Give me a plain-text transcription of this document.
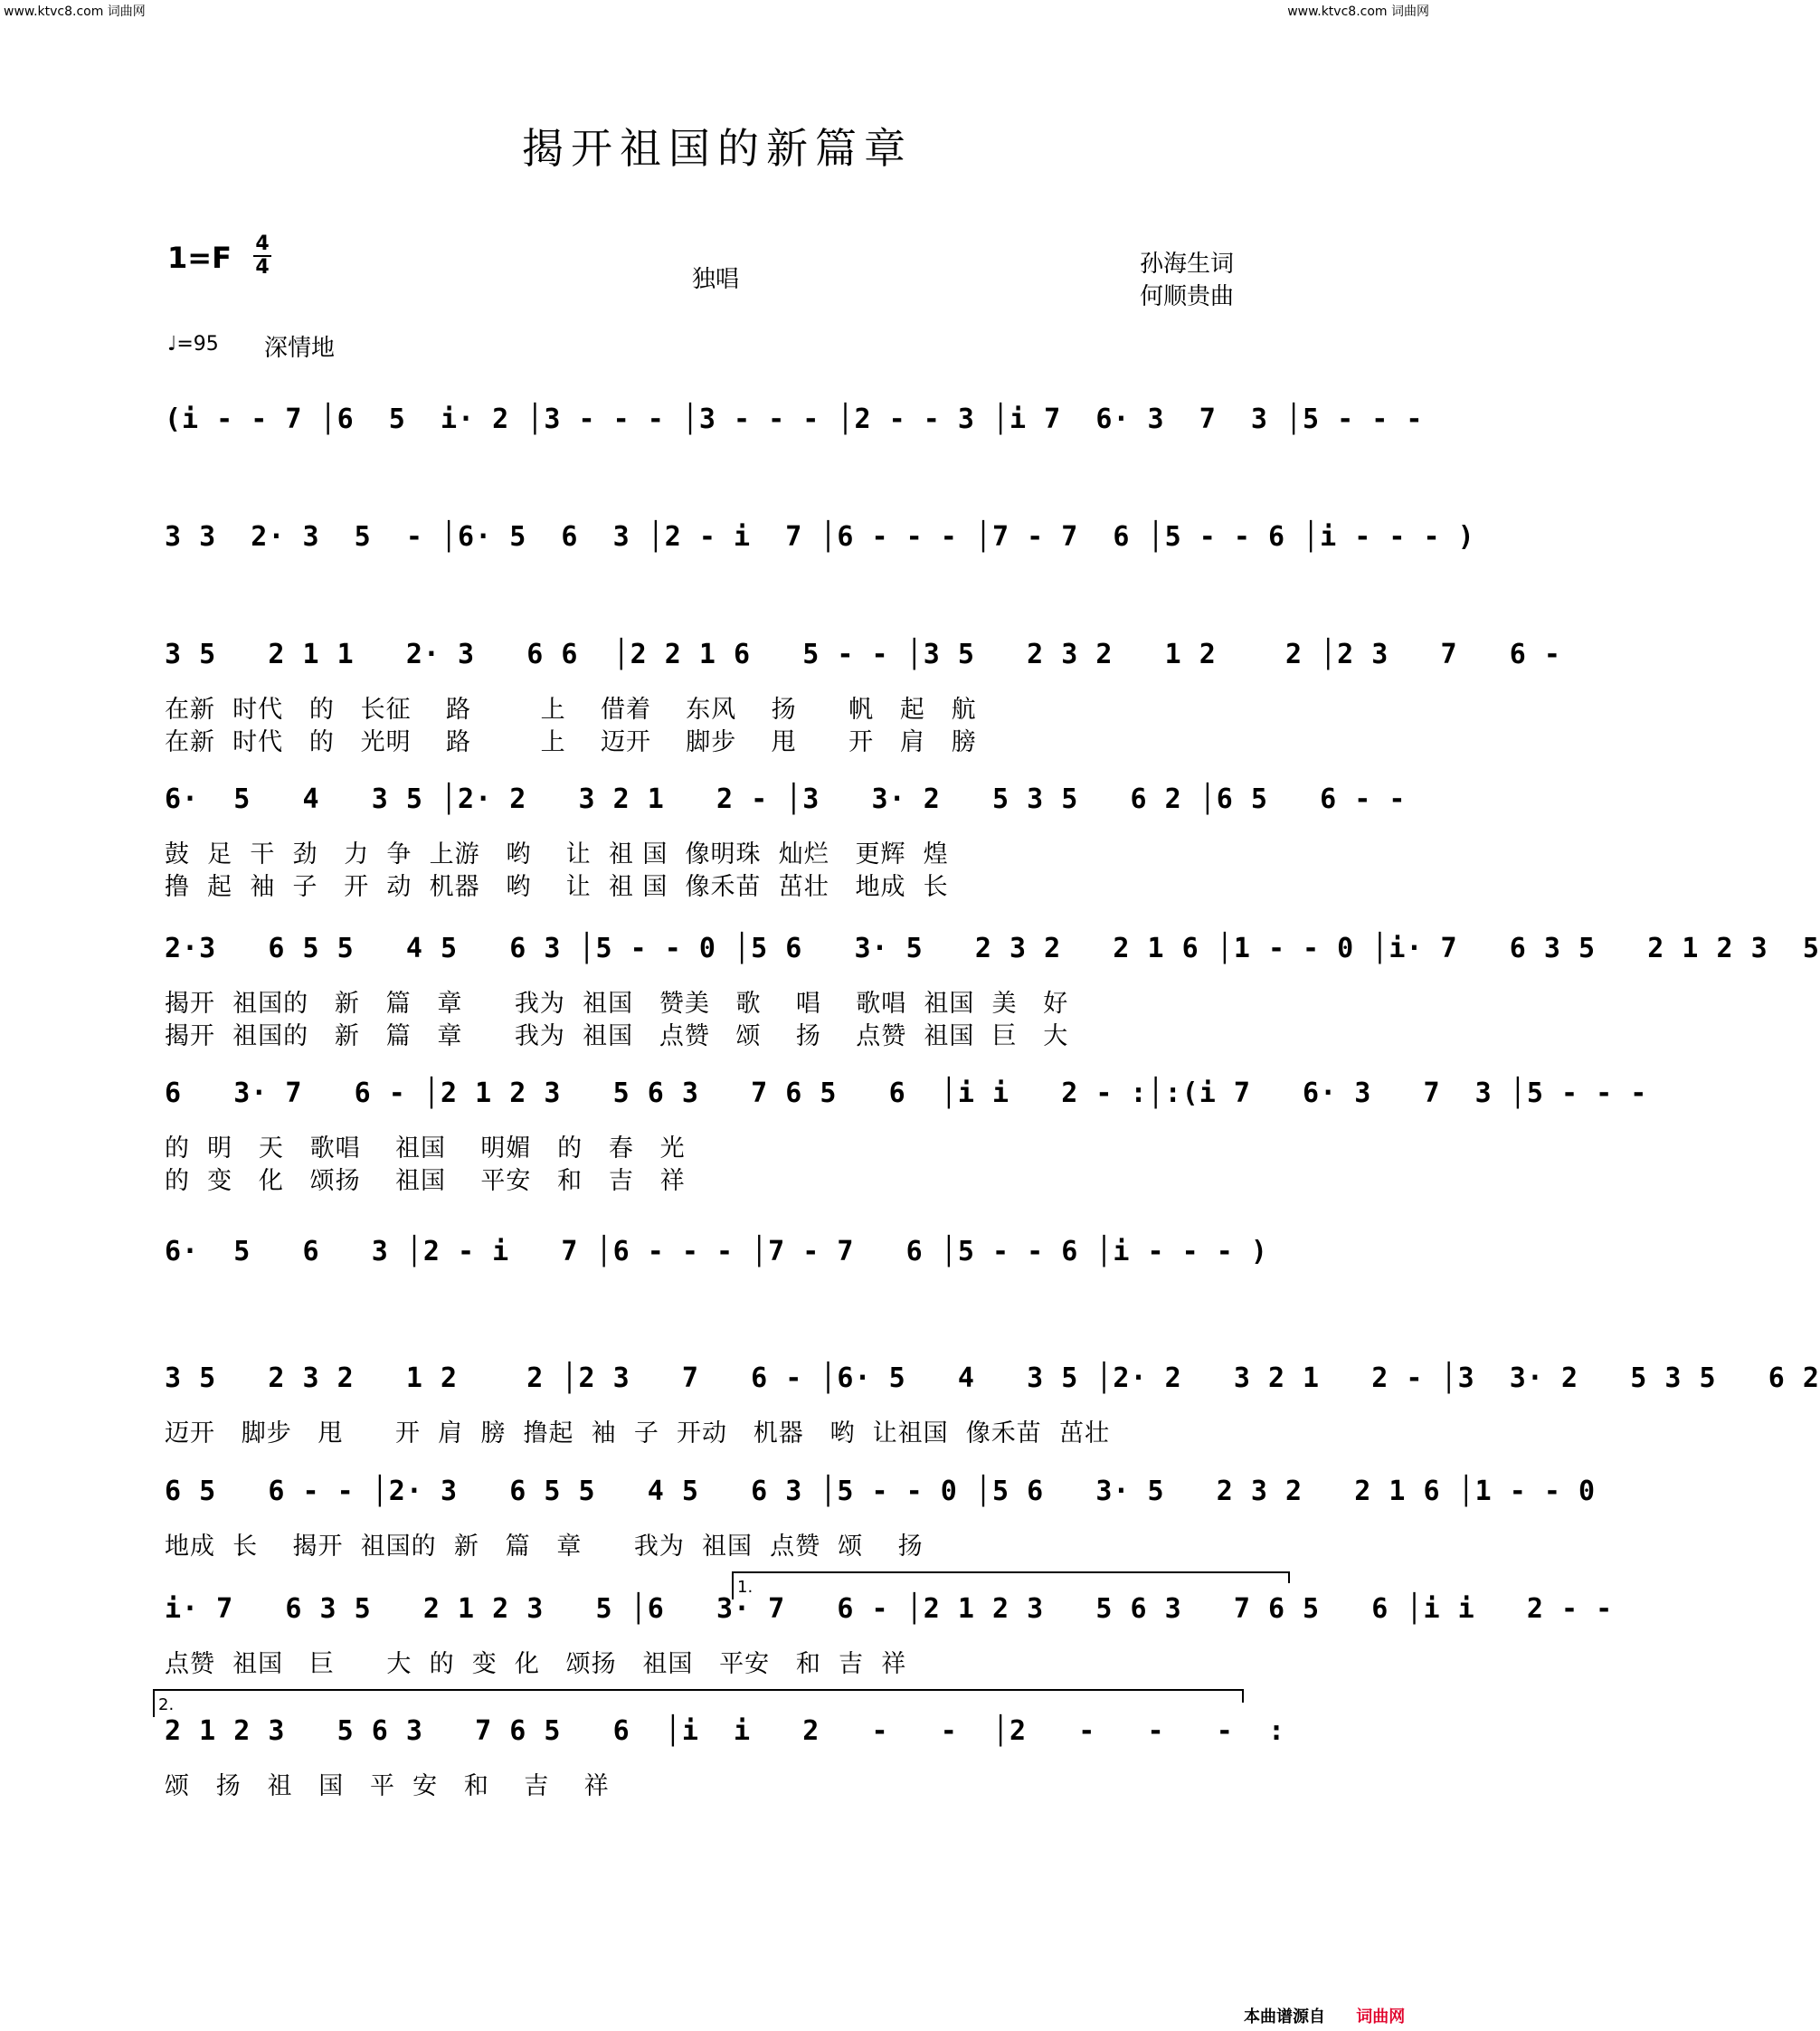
www.ktvc8.com 词曲网	www.ktvc8.com 词曲网
揭开祖国的新篇章
1=F 4
4	独唱
孙海生词
何顺贵曲
♩=95 深情地
(i - - 7 │6  5  i· 2 │3 - - - │3 - - - │2 - - 3 │i 7  6· 3  7  3 │5 - - -
3 3  2· 3  5  - │6· 5  6  3 │2 - i  7 │6 - - - │7 - 7  6 │5 - - 6 │i - - - )
3 5   2 1 1   2· 3   6 6  │2 2 1 6   5 - - │3 5   2 3 2   1 2    2 │2 3   7   6 -
在新  时代   的   长征    路        上    借着    东风    扬      帆   起   航
在新  时代   的   光明    路        上    迈开    脚步    甩      开   肩   膀
6·  5   4   3 5 │2· 2   3 2 1   2 - │3   3· 2   5 3 5   6 2 │6 5   6 - -
鼓  足  干  劲   力  争  上游   哟    让  祖 国  像明珠  灿烂   更辉  煌
撸  起  袖  子   开  动  机器   哟    让  祖 国  像禾苗  茁壮   地成  长
2·3   6 5 5   4 5   6 3 │5 - - 0 │5 6   3· 5   2 3 2   2 1 6 │1 - - 0 │i· 7   6 3 5   2 1 2 3  5
揭开  祖国的   新   篇   章      我为  祖国   赞美   歌    唱    歌唱  祖国  美   好
揭开  祖国的   新   篇   章      我为  祖国   点赞   颂    扬    点赞  祖国  巨   大
6   3· 7   6 - │2 1 2 3   5 6 3   7 6 5   6  │i i   2 - :│:(i 7   6· 3   7  3 │5 - - -
的  明   天   歌唱    祖国    明媚   的   春   光
的  变   化   颂扬    祖国    平安   和   吉   祥
6·  5   6   3 │2 - i   7 │6 - - - │7 - 7   6 │5 - - 6 │i - - - )
3 5   2 3 2   1 2    2 │2 3   7   6 - │6· 5   4   3 5 │2· 2   3 2 1   2 - │3  3· 2   5 3 5   6 2
迈开   脚步   甩      开  肩  膀  撸起  袖  子  开动   机器   哟  让祖国  像禾苗  茁壮
6 5   6 - - │2· 3   6 5 5   4 5   6 3 │5 - - 0 │5 6   3· 5   2 3 2   2 1 6 │1 - - 0
地成  长    揭开  祖国的  新   篇   章      我为  祖国  点赞  颂    扬
i· 7   6 3 5   2 1 2 3   5 │6   3· 7   6 - │2 1 2 3   5 6 3   7 6 5   6 │i i   2 - -
点赞  祖国   巨      大  的  变  化   颂扬   祖国   平安   和  吉  祥
2 1 2 3   5 6 3   7 6 5   6  │i  i   2   -   -  │2   -   -   -  :
颂   扬   祖   国   平  安   和    吉    祥
1.
2.
本曲谱源自 词曲网
